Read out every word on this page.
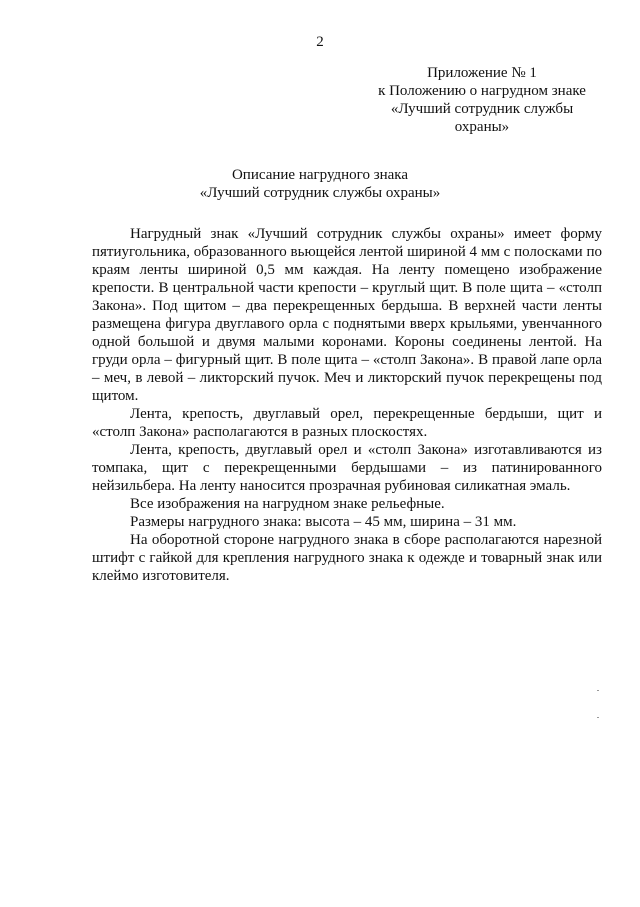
2
Приложение № 1
к Положению о нагрудном знаке
«Лучший сотрудник службы
охраны»
Описание нагрудного знака
«Лучший сотрудник службы охраны»

Нагрудный знак «Лучший сотрудник службы охраны» имеет форму пятиугольника, образованного вьющейся лентой шириной 4 мм с полосками по краям ленты шириной 0,5 мм каждая. На ленту помещено изображение крепости. В центральной части крепости – круглый щит. В поле щита – «столп Закона». Под щитом – два перекрещенных бердыша. В верхней части ленты размещена фигура двуглавого орла с поднятыми вверх крыльями, увенчанного одной большой и двумя малыми коронами. Короны соединены лентой. На груди орла – фигурный щит. В поле щита – «столп Закона». В правой лапе орла – меч, в левой – ликторский пучок. Меч и ликторский пучок перекрещены под щитом.

Лента, крепость, двуглавый орел, перекрещенные бердыши, щит и «столп Закона» располагаются в разных плоскостях.

Лента, крепость, двуглавый орел и «столп Закона» изготавливаются из томпака, щит с перекрещенными бердышами – из патинированного нейзильбера. На ленту наносится прозрачная рубиновая силикатная эмаль.

Все изображения на нагрудном знаке рельефные.

Размеры нагрудного знака: высота – 45 мм, ширина – 31 мм.

На оборотной стороне нагрудного знака в сборе располагаются нарезной штифт с гайкой для крепления нагрудного знака к одежде и товарный знак или клеймо изготовителя.
